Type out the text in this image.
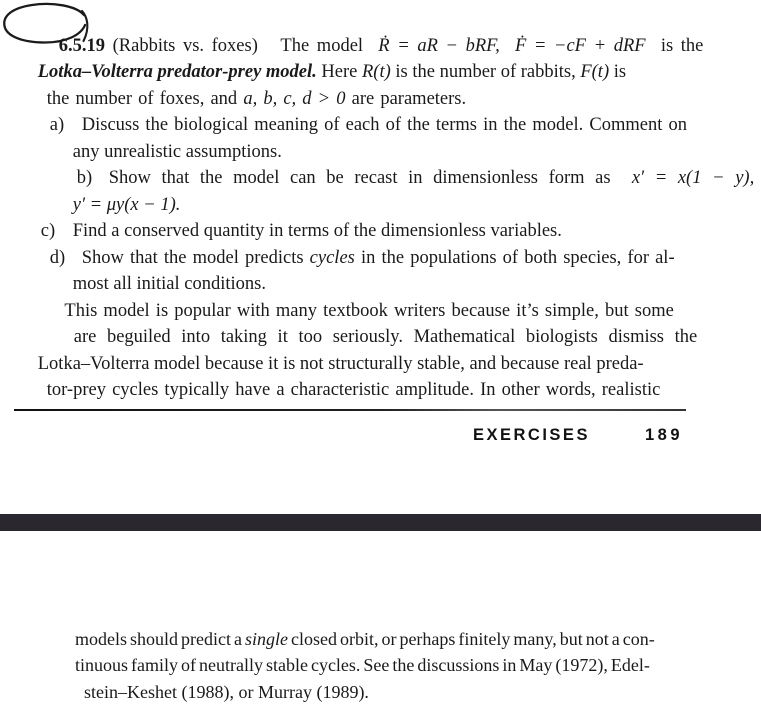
6.5.19 (Rabbits vs. foxes)   The model  Ṙ = aR − bRF,  Ḟ = −cF + dRF  is the

Lotka–Volterra predator-prey model. Here R(t) is the number of rabbits, F(t) is

the number of foxes, and a, b, c, d > 0 are parameters.

a) Discuss the biological meaning of each of the terms in the model. Comment on

any unrealistic assumptions.

b) Show that the model can be recast in dimensionless form as  x′ = x(1 − y),

y′ = μy(x − 1).

c) Find a conserved quantity in terms of the dimensionless variables.

d) Show that the model predicts cycles in the populations of both species, for al-

most all initial conditions.

This model is popular with many textbook writers because it’s simple, but some

are beguiled into taking it too seriously. Mathematical biologists dismiss the

Lotka–Volterra model because it is not structurally stable, and because real preda-

tor-prey cycles typically have a characteristic amplitude. In other words, realistic

EXERCISES	189

models should predict a single closed orbit, or perhaps finitely many, but not a con-

tinuous family of neutrally stable cycles. See the discussions in May (1972), Edel-

stein–Keshet (1988), or Murray (1989).
